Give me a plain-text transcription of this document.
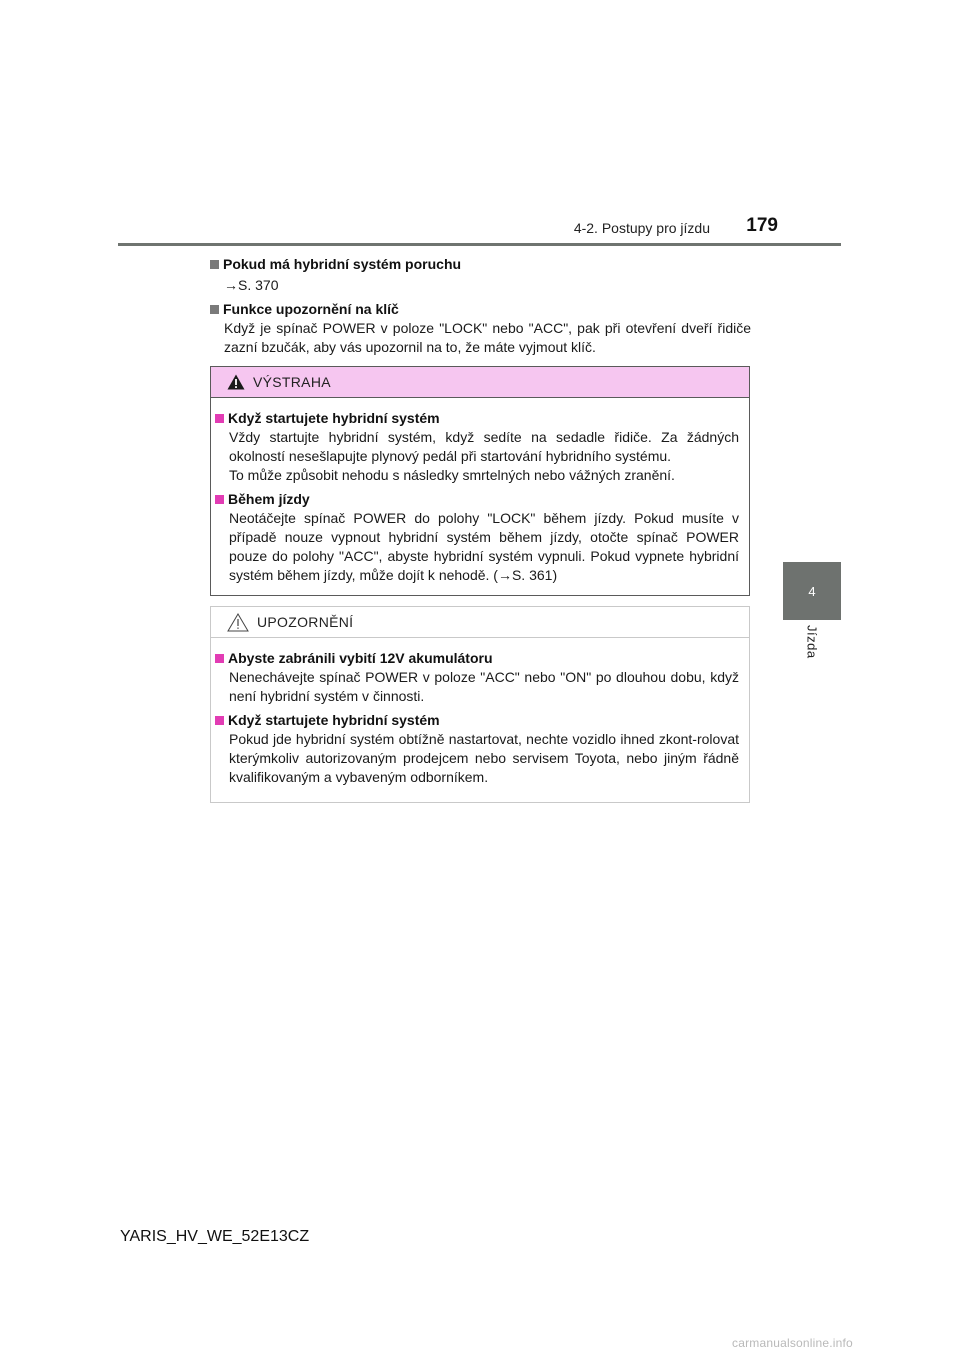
4-2. Postupy pro jízdu	179
4
Jízda
Pokud má hybridní systém poruchu
→S. 370
Funkce upozornění na klíč
Když je spínač POWER v poloze "LOCK" nebo "ACC", pak při otevření dveří řidiče zazní bzučák, aby vás upozornil na to, že máte vyjmout klíč.
VÝSTRAHA
Když startujete hybridní systém
Vždy startujte hybridní systém, když sedíte na sedadle řidiče. Za žádných okolností nesešlapujte plynový pedál při startování hybridního systému.
To může způsobit nehodu s následky smrtelných nebo vážných zranění.
Během jízdy
Neotáčejte spínač POWER do polohy "LOCK" během jízdy. Pokud musíte v případě nouze vypnout hybridní systém během jízdy, otočte spínač POWER pouze do polohy "ACC", abyste hybridní systém vypnuli. Pokud vypnete hybridní systém během jízdy, může dojít k nehodě. (→S. 361)
UPOZORNĚNÍ
Abyste zabránili vybití 12V akumulátoru
Nenechávejte spínač POWER v poloze "ACC" nebo "ON" po dlouhou dobu, když není hybridní systém v činnosti.
Když startujete hybridní systém
Pokud jde hybridní systém obtížně nastartovat, nechte vozidlo ihned zkont-rolovat kterýmkoliv autorizovaným prodejcem nebo servisem Toyota, nebo jiným řádně kvalifikovaným a vybaveným odborníkem.
YARIS_HV_WE_52E13CZ
carmanualsonline.info
